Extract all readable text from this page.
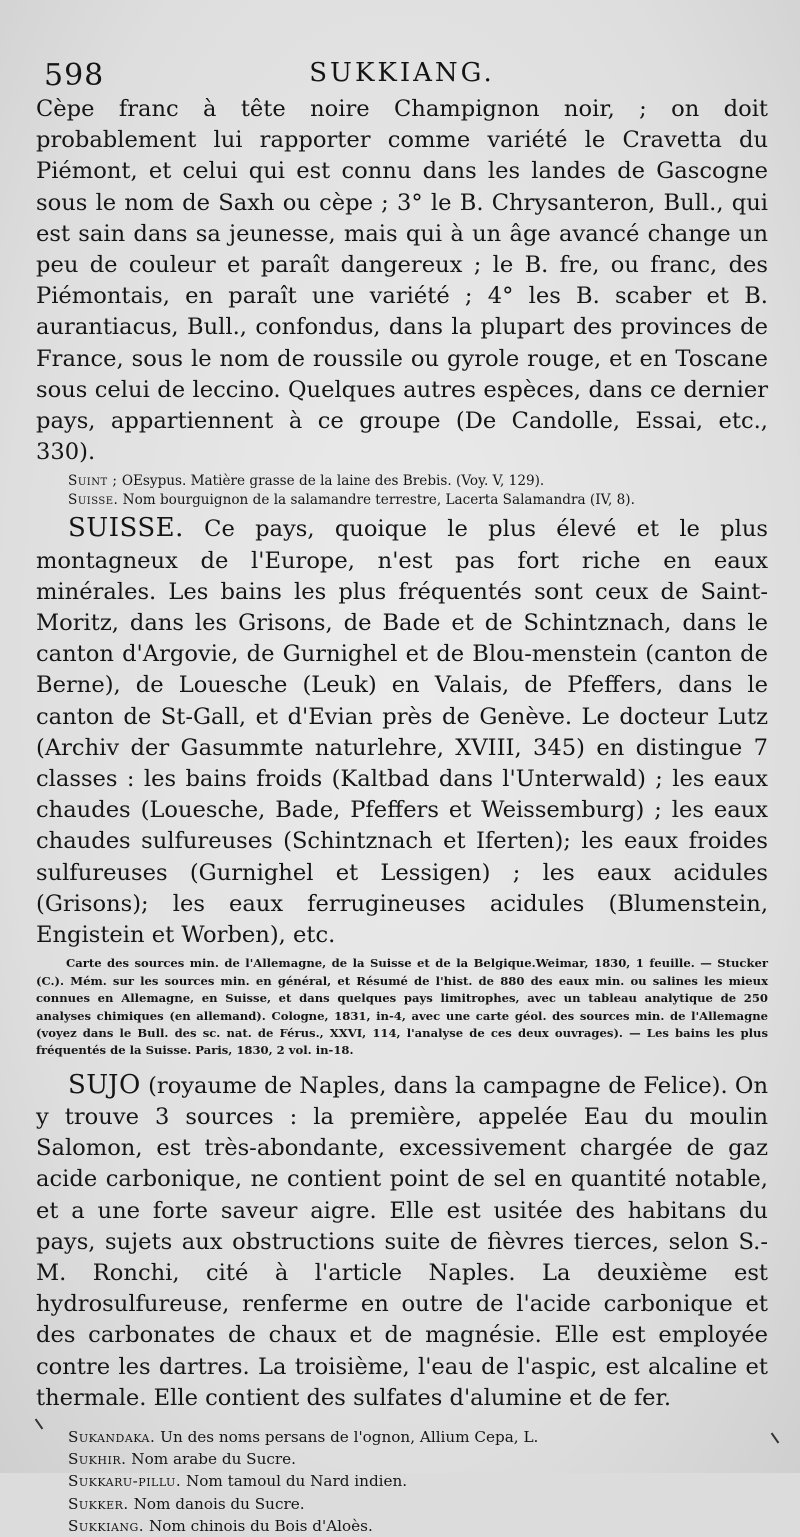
598	SUKKIANG.

Cèpe franc à tête noire Champignon noir, ; on doit probablement lui rapporter comme variété le Cravetta du Piémont, et celui qui est connu dans les landes de Gascogne sous le nom de Saxh ou cèpe ; 3° le B. Chrysanteron, Bull., qui est sain dans sa jeunesse, mais qui à un âge avancé change un peu de couleur et paraît dangereux ; le B. fre, ou franc, des Piémontais, en paraît une variété ; 4° les B. scaber et B. aurantiacus, Bull., confondus, dans la plupart des provinces de France, sous le nom de roussile ou gyrole rouge, et en Toscane sous celui de leccino. Quelques autres espèces, dans ce dernier pays, appartiennent à ce groupe (De Candolle, Essai, etc., 330).

Suint ; OEsypus. Matière grasse de la laine des Brebis. (Voy. V, 129).

Suisse. Nom bourguignon de la salamandre terrestre, Lacerta Salamandra (IV, 8).

SUISSE. Ce pays, quoique le plus élevé et le plus montagneux de l'Europe, n'est pas fort riche en eaux minérales. Les bains les plus fréquentés sont ceux de Saint-Moritz, dans les Grisons, de Bade et de Schintznach, dans le canton d'Argovie, de Gurnighel et de Blou-menstein (canton de Berne), de Louesche (Leuk) en Valais, de Pfeffers, dans le canton de St-Gall, et d'Evian près de Genève. Le docteur Lutz (Archiv der Gasummte naturlehre, XVIII, 345) en distingue 7 classes : les bains froids (Kaltbad dans l'Unterwald) ; les eaux chaudes (Louesche, Bade, Pfeffers et Weissemburg) ; les eaux chaudes sulfureuses (Schintznach et Iferten); les eaux froides sulfureuses (Gurnighel et Lessigen) ; les eaux acidules (Grisons); les eaux ferrugineuses acidules (Blumenstein, Engistein et Worben), etc.

Carte des sources min. de l'Allemagne, de la Suisse et de la Belgique.Weimar, 1830, 1 feuille. — Stucker (C.). Mém. sur les sources min. en général, et Résumé de l'hist. de 880 des eaux min. ou salines les mieux connues en Allemagne, en Suisse, et dans quelques pays limitrophes, avec un tableau analytique de 250 analyses chimiques (en allemand). Cologne, 1831, in-4, avec une carte géol. des sources min. de l'Allemagne (voyez dans le Bull. des sc. nat. de Férus., XXVI, 114, l'analyse de ces deux ouvrages). — Les bains les plus fréquentés de la Suisse. Paris, 1830, 2 vol. in-18.

SUJO (royaume de Naples, dans la campagne de Felice). On y trouve 3 sources : la première, appelée Eau du moulin Salomon, est très-abondante, excessivement chargée de gaz acide carbonique, ne contient point de sel en quantité notable, et a une forte saveur aigre. Elle est usitée des habitans du pays, sujets aux obstructions suite de fièvres tierces, selon S.-M. Ronchi, cité à l'article Naples. La deuxième est hydrosulfureuse, renferme en outre de l'acide carbonique et des carbonates de chaux et de magnésie. Elle est employée contre les dartres. La troisième, l'eau de l'aspic, est alcaline et thermale. Elle contient des sulfates d'alumine et de fer.

Sukandaka. Un des noms persans de l'ognon, Allium Cepa, L.

Sukhir. Nom arabe du Sucre.

Sukkaru-pillu. Nom tamoul du Nard indien.

Sukker. Nom danois du Sucre.

Sukkiang. Nom chinois du Bois d'Aloès.
